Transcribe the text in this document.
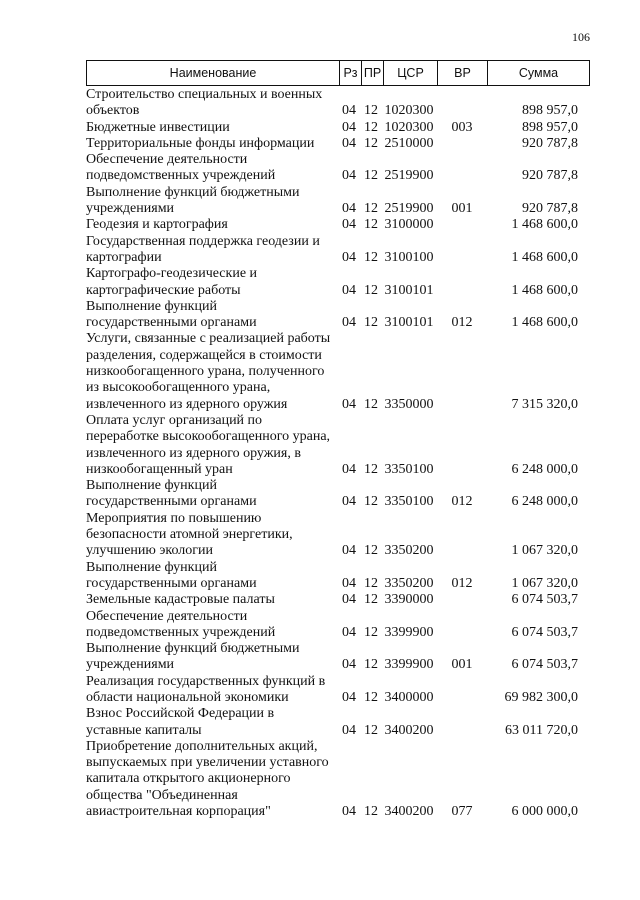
106
Наименование	Рз ПР	ЦСР	ВР	Сумма
Строительство специальных и военных
объектов	04 12 1020300	898 957,0
Бюджетные инвестиции	04 12 1020300	003	898 957,0
Территориальные фонды информации	04 12 2510000	920 787,8
Обеспечение деятельности
подведомственных учреждений	04 12 2519900	920 787,8
Выполнение функций бюджетными
учреждениями	04 12 2519900	001	920 787,8
Геодезия и картография	04 12 3100000	1 468 600,0
Государственная поддержка геодезии и
картографии	04 12 3100100	1 468 600,0
Картографо-геодезические и
картографические работы	04 12 3100101	1 468 600,0
Выполнение функций
государственными органами	04 12 3100101	012	1 468 600,0
Услуги, связанные с реализацией работы
разделения, содержащейся в стоимости
низкообогащенного урана, полученного
из высокообогащенного урана,
извлеченного из ядерного оружия	04 12 3350000	7 315 320,0
Оплата услуг организаций по
переработке высокообогащенного урана,
извлеченного из ядерного оружия, в
низкообогащенный уран	04 12 3350100	6 248 000,0
Выполнение функций
государственными органами	04 12 3350100	012	6 248 000,0
Мероприятия по повышению
безопасности атомной энергетики,
улучшению экологии	04 12 3350200	1 067 320,0
Выполнение функций
государственными органами	04 12 3350200	012	1 067 320,0
Земельные кадастровые палаты	04 12 3390000	6 074 503,7
Обеспечение деятельности
подведомственных учреждений	04 12 3399900	6 074 503,7
Выполнение функций бюджетными
учреждениями	04 12 3399900	001	6 074 503,7
Реализация государственных функций в
области национальной экономики	04 12 3400000	69 982 300,0
Взнос Российской Федерации в
уставные капиталы	04 12 3400200	63 011 720,0
Приобретение дополнительных акций,
выпускаемых при увеличении уставного
капитала открытого акционерного
общества "Объединенная
авиастроительная корпорация"	04 12 3400200	077	6 000 000,0
